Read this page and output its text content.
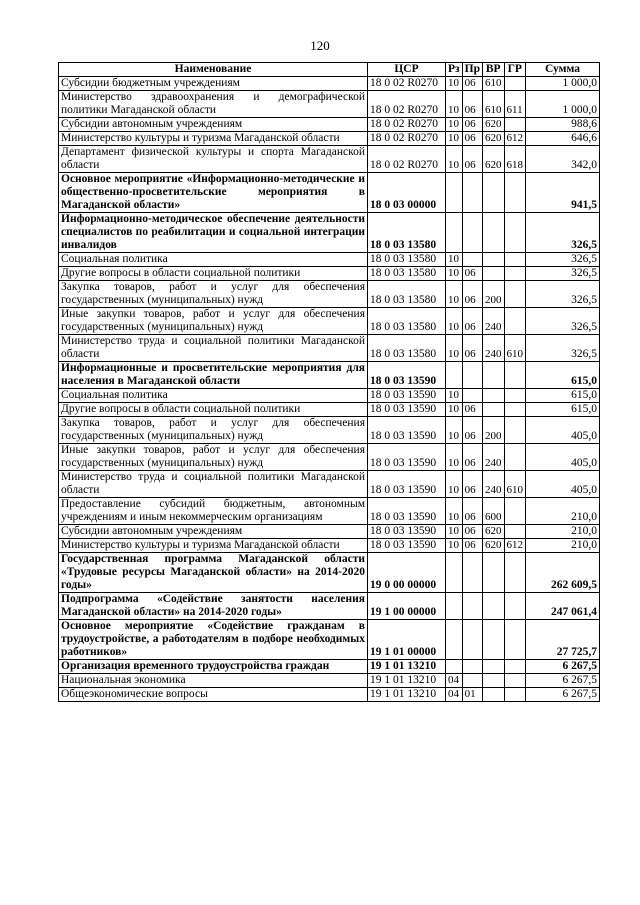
120
Наименование	ЦСР	Рз	Пр	ВР	ГР	Сумма
Субсидии бюджетным учреждениям	18 0 02 R0270	10	06	610		1 000,0
Министерство здравоохранения и демографической политики Магаданской области	18 0 02 R0270	10	06	610	611	1 000,0
Субсидии автономным учреждениям	18 0 02 R0270	10	06	620		988,6
Министерство культуры и туризма Магаданской области	18 0 02 R0270	10	06	620	612	646,6
Департамент физической культуры и спорта Магаданской области	18 0 02 R0270	10	06	620	618	342,0
Основное мероприятие «Информационно-методические и общественно-просветительские мероприятия в Магаданской области»	18 0 03 00000					941,5
Информационно-методическое обеспечение деятельности специалистов по реабилитации и социальной интеграции инвалидов	18 0 03 13580					326,5
Социальная политика	18 0 03 13580	10				326,5
Другие вопросы в области социальной политики	18 0 03 13580	10	06			326,5
Закупка товаров, работ и услуг для обеспечения государственных (муниципальных) нужд	18 0 03 13580	10	06	200		326,5
Иные закупки товаров, работ и услуг для обеспечения государственных (муниципальных) нужд	18 0 03 13580	10	06	240		326,5
Министерство труда и социальной политики Магаданской области	18 0 03 13580	10	06	240	610	326,5
Информационные и просветительские мероприятия для населения в Магаданской области	18 0 03 13590					615,0
Социальная политика	18 0 03 13590	10				615,0
Другие вопросы в области социальной политики	18 0 03 13590	10	06			615,0
Закупка товаров, работ и услуг для обеспечения государственных (муниципальных) нужд	18 0 03 13590	10	06	200		405,0
Иные закупки товаров, работ и услуг для обеспечения государственных (муниципальных) нужд	18 0 03 13590	10	06	240		405,0
Министерство труда и социальной политики Магаданской области	18 0 03 13590	10	06	240	610	405,0
Предоставление субсидий бюджетным, автономным учреждениям и иным некоммерческим организациям	18 0 03 13590	10	06	600		210,0
Субсидии автономным учреждениям	18 0 03 13590	10	06	620		210,0
Министерство культуры и туризма Магаданской области	18 0 03 13590	10	06	620	612	210,0
Государственная программа Магаданской области «Трудовые ресурсы Магаданской области» на 2014-2020 годы»	19 0 00 00000					262 609,5
Подпрограмма «Содействие занятости населения Магаданской области» на 2014-2020 годы»	19 1 00 00000					247 061,4
Основное мероприятие «Содействие гражданам в трудоустройстве, а работодателям в подборе необходимых работников»	19 1 01 00000					27 725,7
Организация временного трудоустройства граждан	19 1 01 13210					6 267,5
Национальная экономика	19 1 01 13210	04				6 267,5
Общеэкономические вопросы	19 1 01 13210	04	01			6 267,5
